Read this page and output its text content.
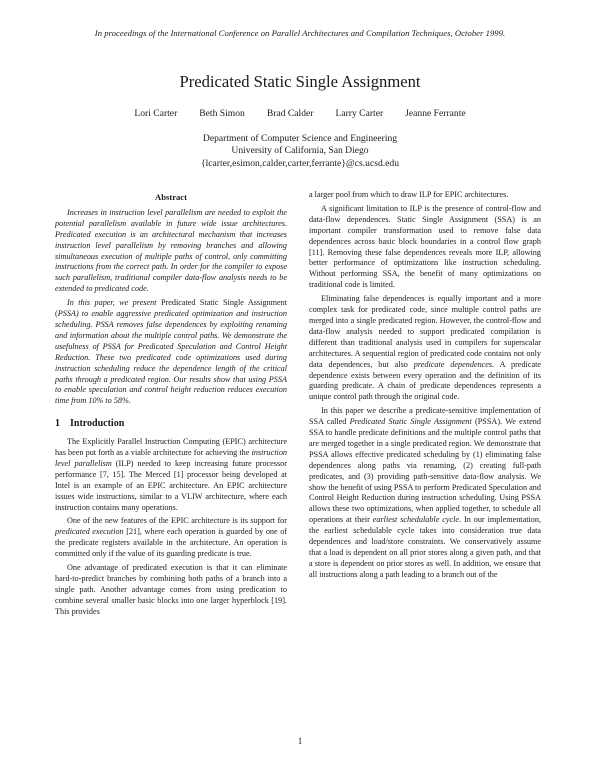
In proceedings of the International Conference on Parallel Architectures and Compilation Techniques, October 1999.
Predicated Static Single Assignment
Lori Carter Beth Simon Brad Calder Larry Carter Jeanne Ferrante
Department of Computer Science and Engineering
University of California, San Diego
{lcarter,esimon,calder,carter,ferrante}@cs.ucsd.edu
Abstract

Increases in instruction level parallelism are needed to exploit the potential parallelism available in future wide issue architectures. Predicated execution is an architectural mechanism that increases instruction level parallelism by removing branches and allowing simultaneous execution of multiple paths of control, only committing instructions from the correct path. In order for the compiler to expose such parallelism, traditional compiler data-flow analysis needs to be extended to predicated code.

In this paper, we present Predicated Static Single Assignment (PSSA) to enable aggressive predicated optimization and instruction scheduling. PSSA removes false dependences by exploiting renaming and information about the multiple control paths. We demonstrate the usefulness of PSSA for Predicated Speculation and Control Height Reduction. These two predicated code optimizations used during instruction scheduling reduce the dependence length of the critical paths through a predicated region. Our results show that using PSSA to enable speculation and control height reduction reduces execution time from 10% to 58%.

1 Introduction

The Explicitly Parallel Instruction Computing (EPIC) architecture has been put forth as a viable architecture for achieving the instruction level parallelism (ILP) needed to keep increasing future processor performance [7, 15]. The Merced [1] processor being developed at Intel is an example of an EPIC architecture. An EPIC architecture issues wide instructions, similar to a VLIW architecture, where each instruction contains many operations.

One of the new features of the EPIC architecture is its support for predicated execution [21], where each operation is guarded by one of the predicate registers available in the architecture. An operation is committed only if the value of its guarding predicate is true.

One advantage of predicated execution is that it can eliminate hard-to-predict branches by combining both paths of a branch into a single path. Another advantage comes from using predication to combine several smaller basic blocks into one larger hyperblock [19]. This provides

a larger pool from which to draw ILP for EPIC architectures.

A significant limitation to ILP is the presence of control-flow and data-flow dependences. Static Single Assignment (SSA) is an important compiler transformation used to remove false data dependences across basic block boundaries in a control flow graph [11]. Removing these false dependences reveals more ILP, allowing better performance of optimizations like instruction scheduling. Without performing SSA, the benefit of many optimizations on traditional code is limited.

Eliminating false dependences is equally important and a more complex task for predicated code, since multiple control paths are merged into a single predicated region. However, the control-flow and data-flow analysis needed to support predicated compilation is different than traditional analysis used in compilers for superscalar architectures. A sequential region of predicated code contains not only data dependences, but also predicate dependences. A predicate dependence exists between every operation and the definition of its guarding predicate. A chain of predicate dependences represents a unique control path through the original code.

In this paper we describe a predicate-sensitive implementation of SSA called Predicated Static Single Assignment (PSSA). We extend SSA to handle predicate definitions and the multiple control paths that are merged together in a single predicated region. We demonstrate that PSSA allows effective predicated scheduling by (1) eliminating false dependences along paths via renaming, (2) creating full-path predicates, and (3) providing path-sensitive data-flow analysis. We show the benefit of using PSSA to perform Predicated Speculation and Control Height Reduction during instruction scheduling. Using PSSA allows these two optimizations, when applied together, to schedule all operations at their earliest schedulable cycle. In our implementation, the earliest schedulable cycle takes into consideration true data dependences and load/store constraints. We conservatively assume that a load is dependent on all prior stores along a given path, and that a store is dependent on prior stores as well. In addition, we ensure that all instructions along a path leading to a branch out of the

1
